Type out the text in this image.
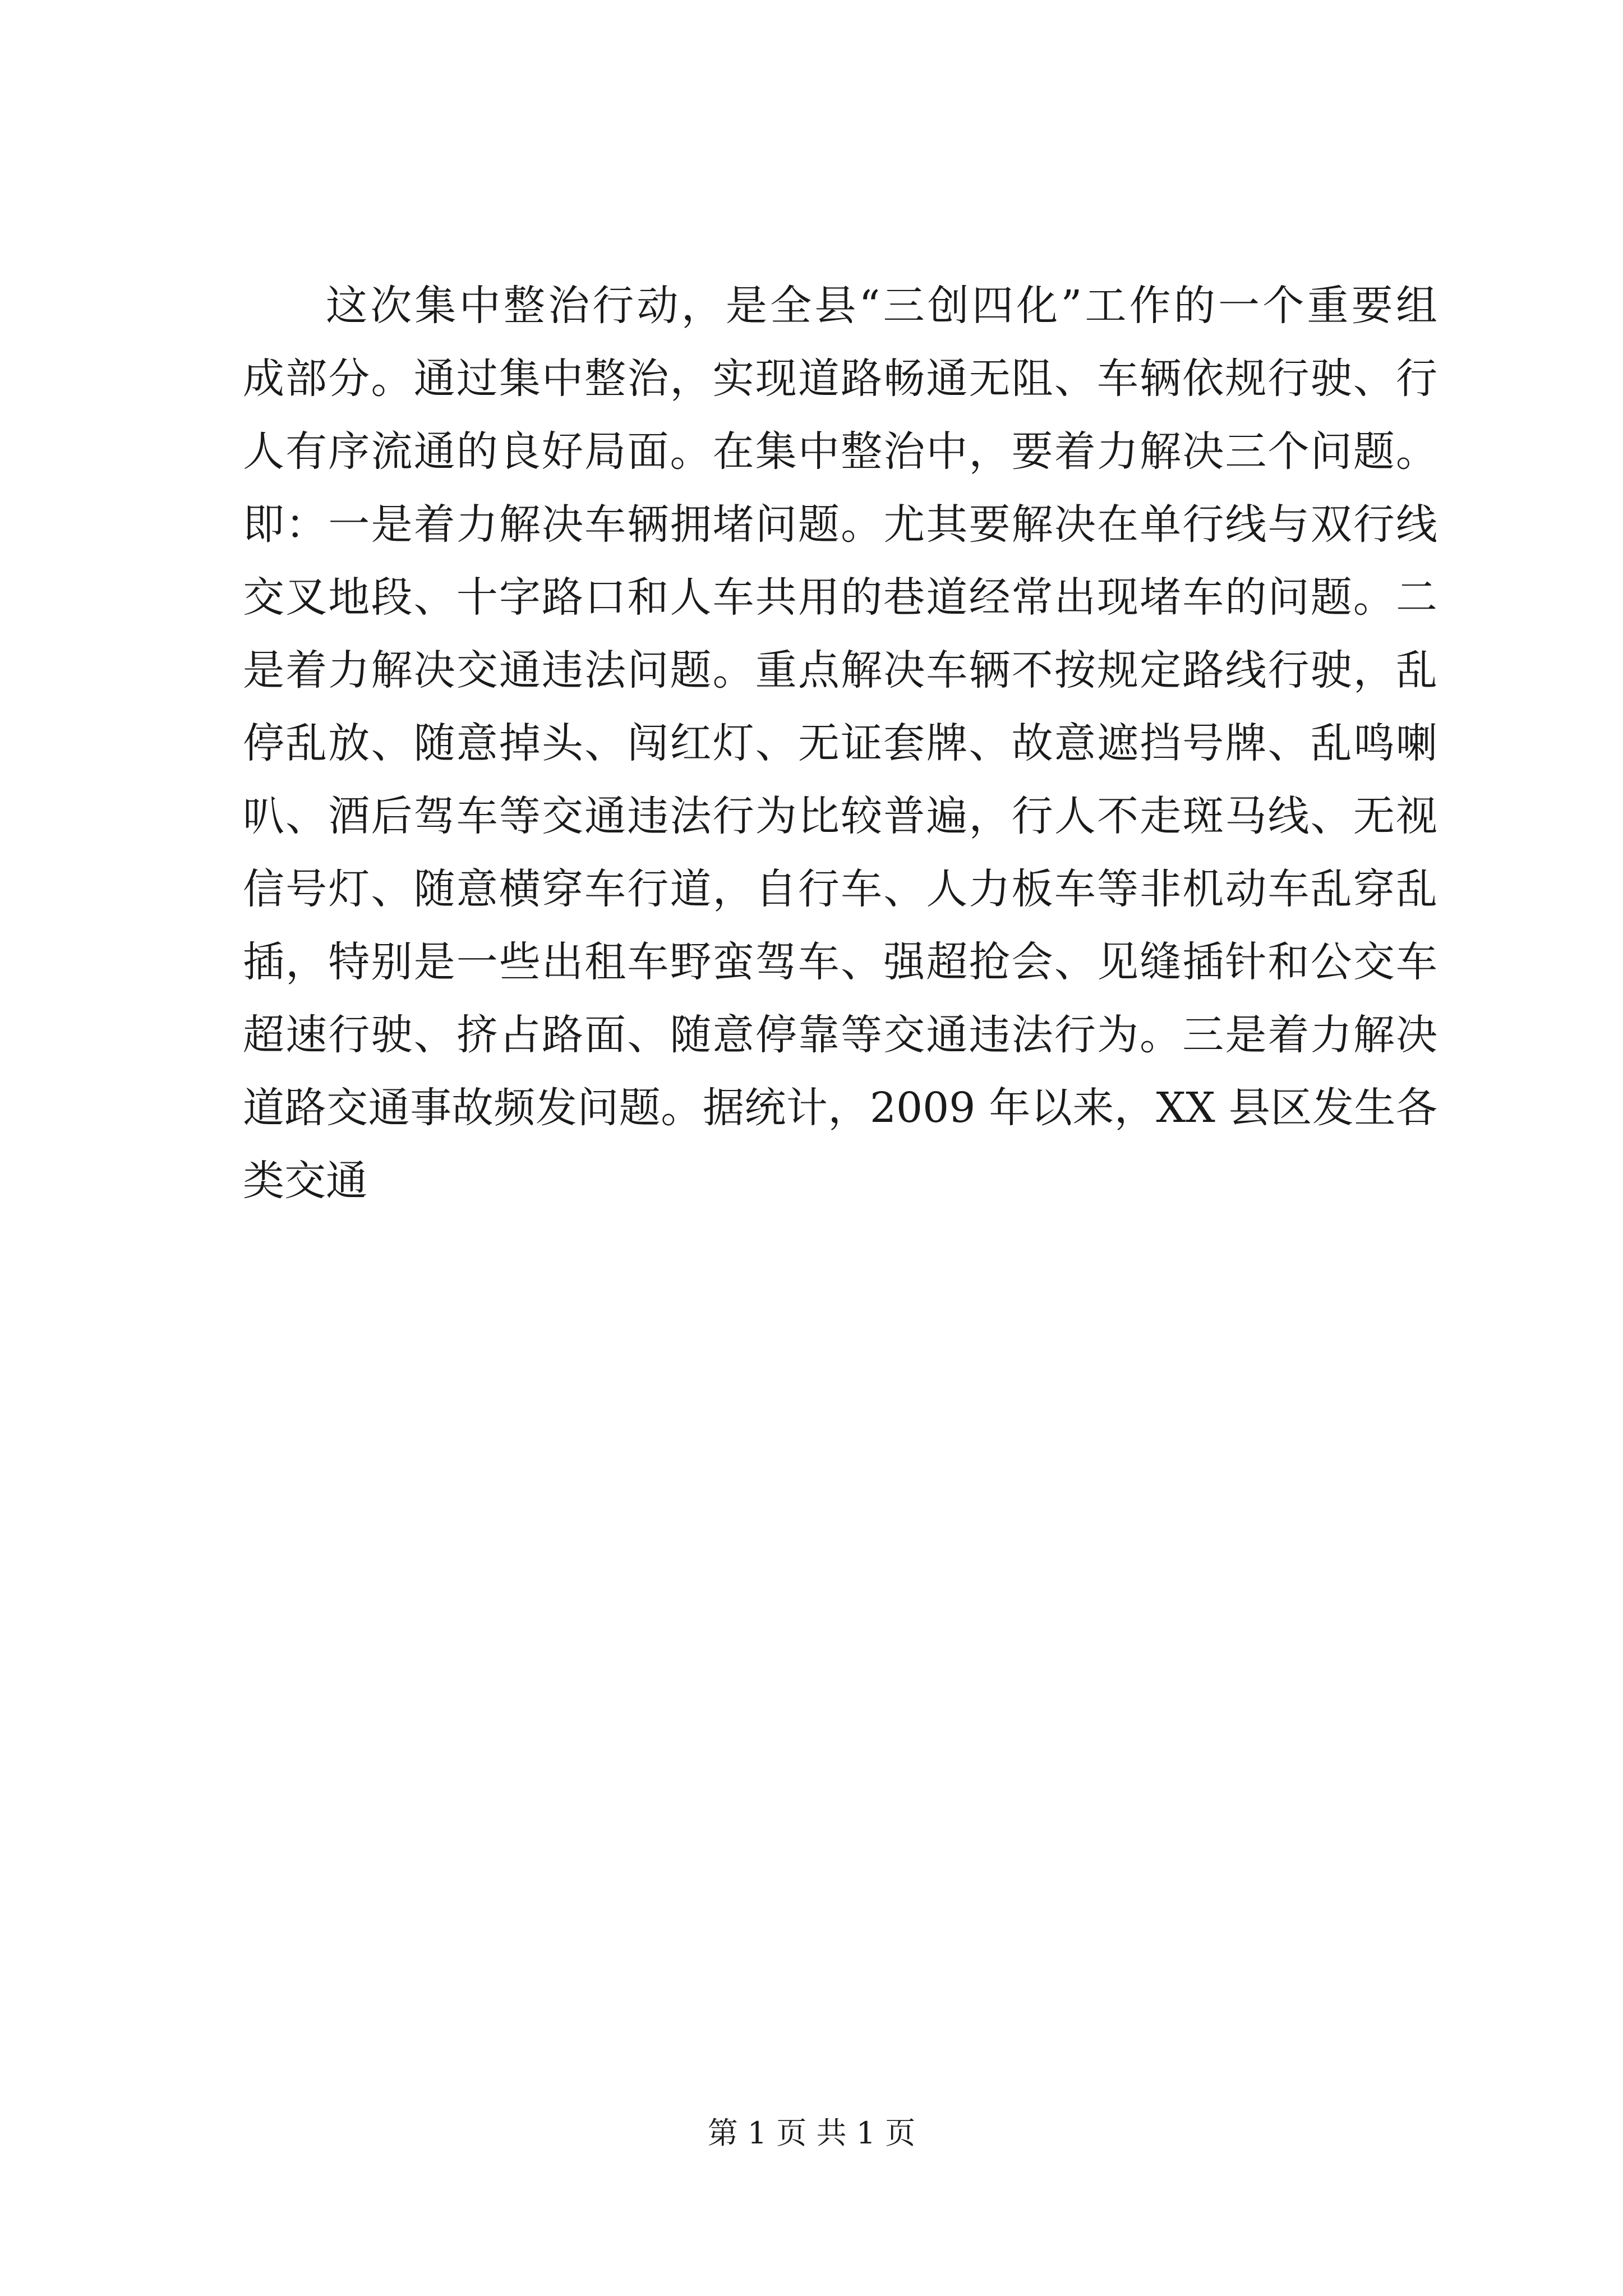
这次集中整治行动，是全县“三创四化”工作的一个重要组
成部分。通过集中整治，实现道路畅通无阻、车辆依规行驶、行
人有序流通的良好局面。在集中整治中，要着力解决三个问题。
即：一是着力解决车辆拥堵问题。尤其要解决在单行线与双行线
交叉地段、十字路口和人车共用的巷道经常出现堵车的问题。二
是着力解决交通违法问题。重点解决车辆不按规定路线行驶，乱
停乱放、随意掉头、闯红灯、无证套牌、故意遮挡号牌、乱鸣喇
叭、酒后驾车等交通违法行为比较普遍，行人不走斑马线、无视
信号灯、随意横穿车行道，自行车、人力板车等非机动车乱穿乱
插，特别是一些出租车野蛮驾车、强超抢会、见缝插针和公交车
超速行驶、挤占路面、随意停靠等交通违法行为。三是着力解决
道路交通事故频发问题。据统计，2009 年以来，XX 县区发生各
类交通
第 1 页 共 1 页
